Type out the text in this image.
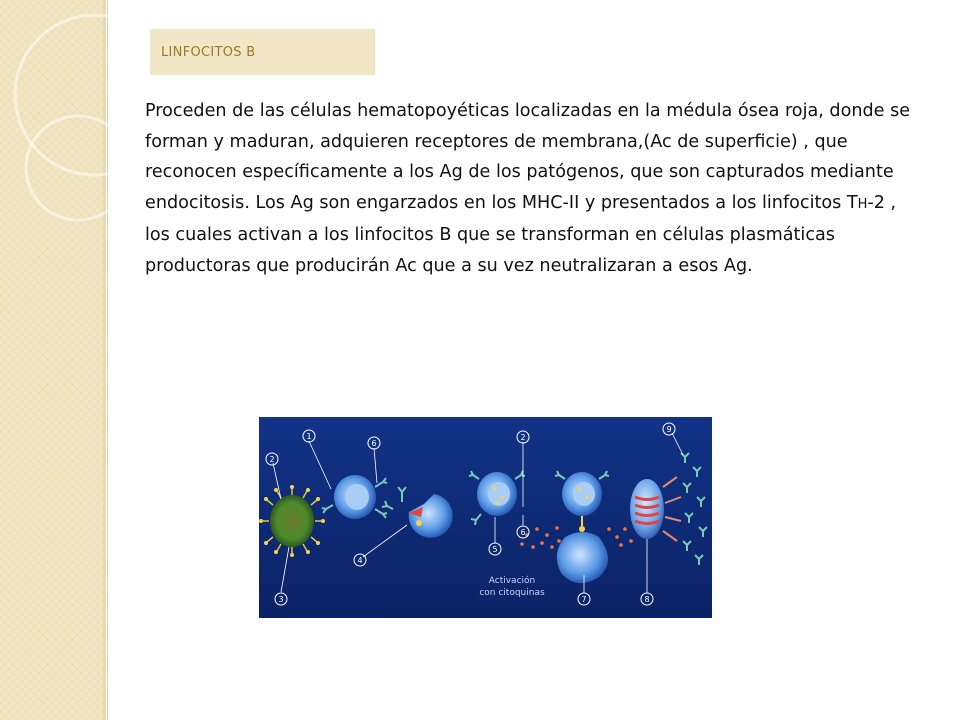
LINFOCITOS B
Proceden de las células hematopoyéticas localizadas en la médula ósea roja, donde se forman y maduran, adquieren receptores de membrana,(Ac de superficie) , que reconocen específicamente a los Ag de los patógenos, que son capturados mediante endocitosis. Los Ag son engarzados en los MHC-II y presentados a los linfocitos TH-2 , los cuales activan a los linfocitos B que se transforman en células plasmáticas productoras que producirán Ac que a su vez neutralizaran a esos Ag.
1
2
6
2
9
3
4
5
6
7	8
Activación
con citoquinas
